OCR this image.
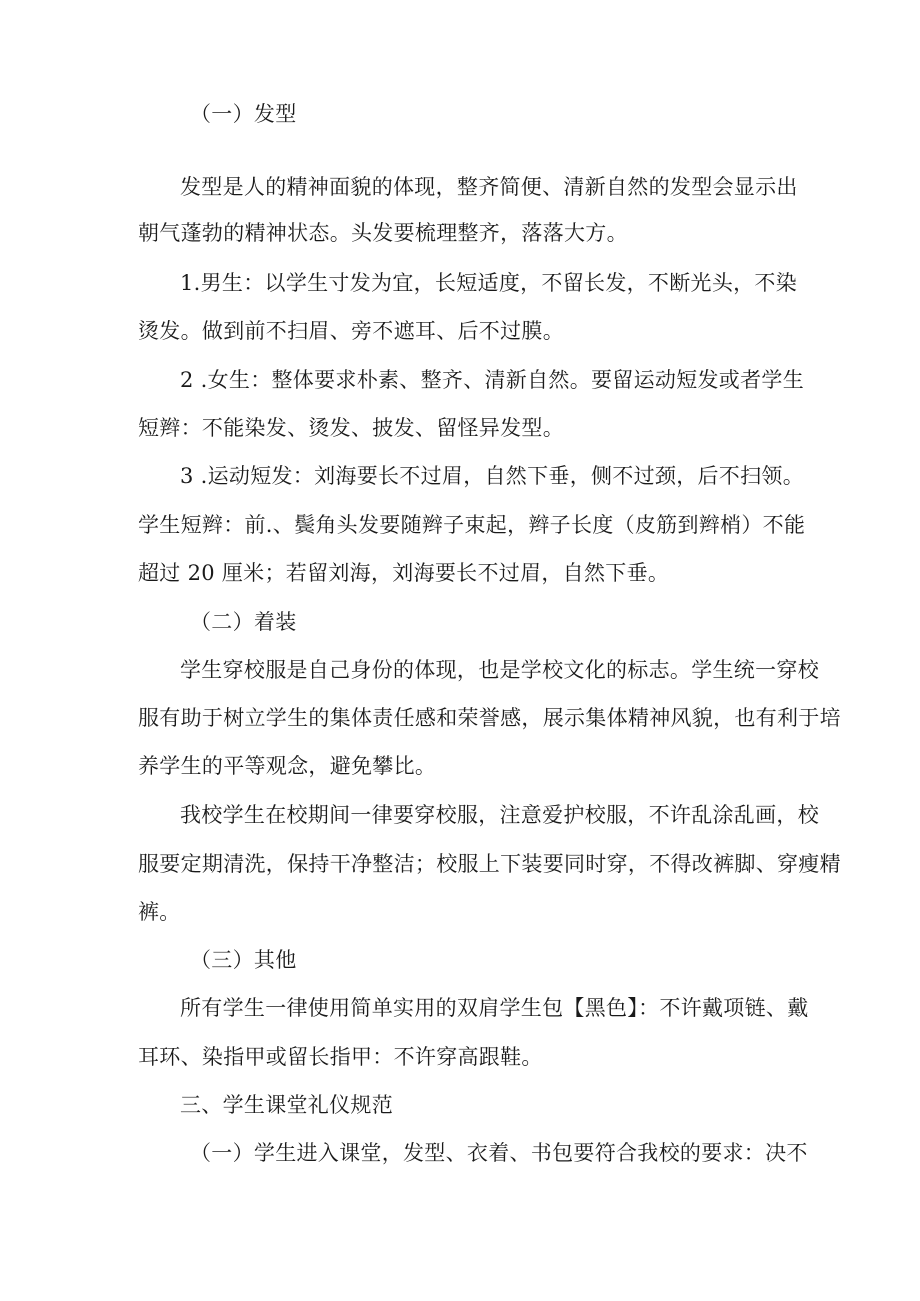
（一）发型
发型是人的精神面貌的体现，整齐简便、清新自然的发型会显示出
朝气蓬勃的精神状态。头发要梳理整齐，落落大方。
1.男生：以学生寸发为宜，长短适度，不留长发，不断光头，不染
烫发。做到前不扫眉、旁不遮耳、后不过膜。
2 .女生：整体要求朴素、整齐、清新自然。要留运动短发或者学生
短辫：不能染发、烫发、披发、留怪异发型。
3 .运动短发：刘海要长不过眉，自然下垂，侧不过颈，后不扫领。
学生短辫：前.、鬓角头发要随辫子束起，辫子长度（皮筋到辫梢）不能
超过 20 厘米；若留刘海，刘海要长不过眉，自然下垂。
（二）着装
学生穿校服是自己身份的体现，也是学校文化的标志。学生统一穿校
服有助于树立学生的集体责任感和荣誉感，展示集体精神风貌，也有利于培
养学生的平等观念，避免攀比。
我校学生在校期间一律要穿校服，注意爱护校服，不许乱涂乱画，校
服要定期清洗，保持干净整洁；校服上下装要同时穿，不得改裤脚、穿瘦精
裤。
（三）其他
所有学生一律使用简单实用的双肩学生包【黑色】：不许戴项链、戴
耳环、染指甲或留长指甲：不许穿高跟鞋。
三、学生课堂礼仪规范
（一）学生进入课堂，发型、衣着、书包要符合我校的要求：决不
